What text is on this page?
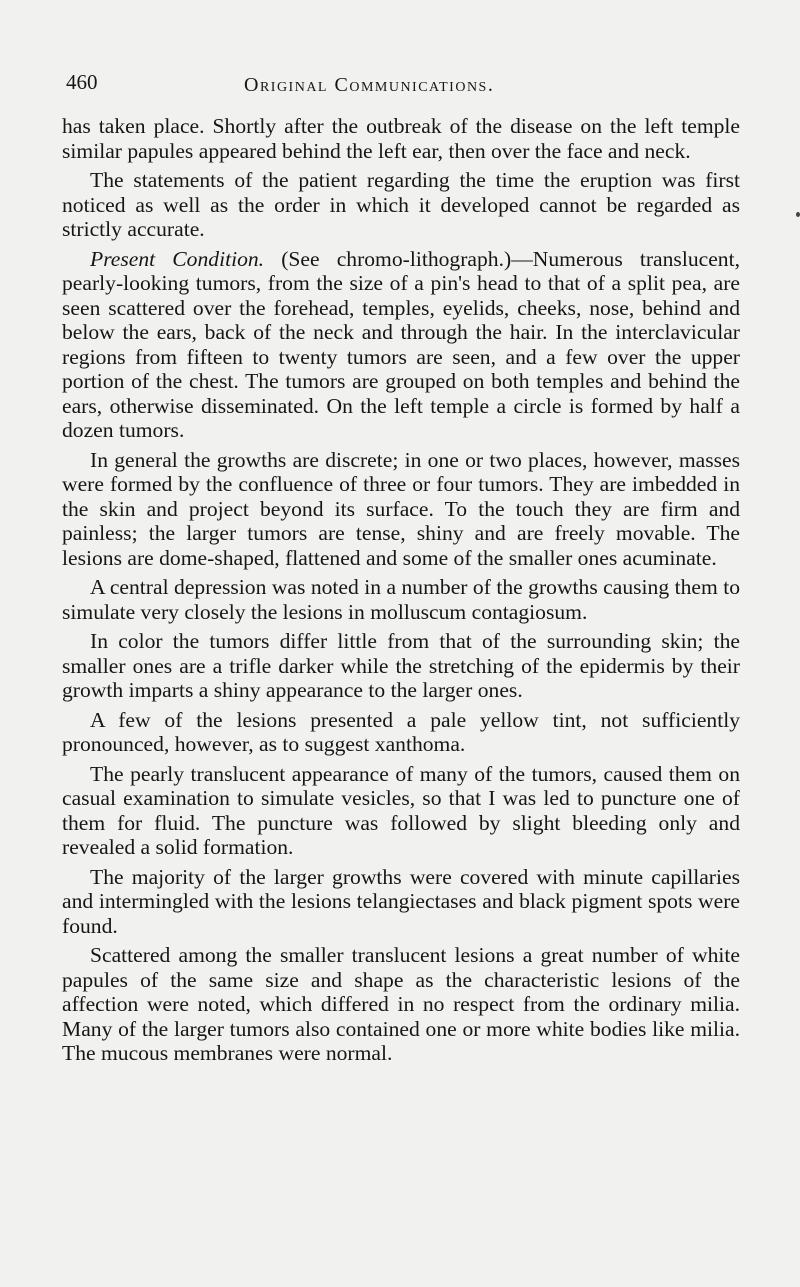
460	Original Communications.

has taken place. Shortly after the outbreak of the disease on the left temple similar papules appeared behind the left ear, then over the face and neck.

The statements of the patient regarding the time the eruption was first noticed as well as the order in which it developed cannot be regarded as strictly accurate.

Present Condition. (See chromo-lithograph.)—Numerous translucent, pearly-looking tumors, from the size of a pin's head to that of a split pea, are seen scattered over the forehead, temples, eyelids, cheeks, nose, behind and below the ears, back of the neck and through the hair. In the interclavicular regions from fifteen to twenty tumors are seen, and a few over the upper portion of the chest. The tumors are grouped on both temples and behind the ears, otherwise disseminated. On the left temple a circle is formed by half a dozen tumors.

In general the growths are discrete; in one or two places, however, masses were formed by the confluence of three or four tumors. They are imbedded in the skin and project beyond its surface. To the touch they are firm and painless; the larger tumors are tense, shiny and are freely movable. The lesions are dome-shaped, flattened and some of the smaller ones acuminate.

A central depression was noted in a number of the growths causing them to simulate very closely the lesions in molluscum contagiosum.

In color the tumors differ little from that of the surrounding skin; the smaller ones are a trifle darker while the stretching of the epidermis by their growth imparts a shiny appearance to the larger ones.

A few of the lesions presented a pale yellow tint, not sufficiently pronounced, however, as to suggest xanthoma.

The pearly translucent appearance of many of the tumors, caused them on casual examination to simulate vesicles, so that I was led to puncture one of them for fluid. The puncture was followed by slight bleeding only and revealed a solid formation.

The majority of the larger growths were covered with minute capillaries and intermingled with the lesions telangiectases and black pigment spots were found.

Scattered among the smaller translucent lesions a great number of white papules of the same size and shape as the characteristic lesions of the affection were noted, which differed in no respect from the ordinary milia. Many of the larger tumors also contained one or more white bodies like milia. The mucous membranes were normal.
